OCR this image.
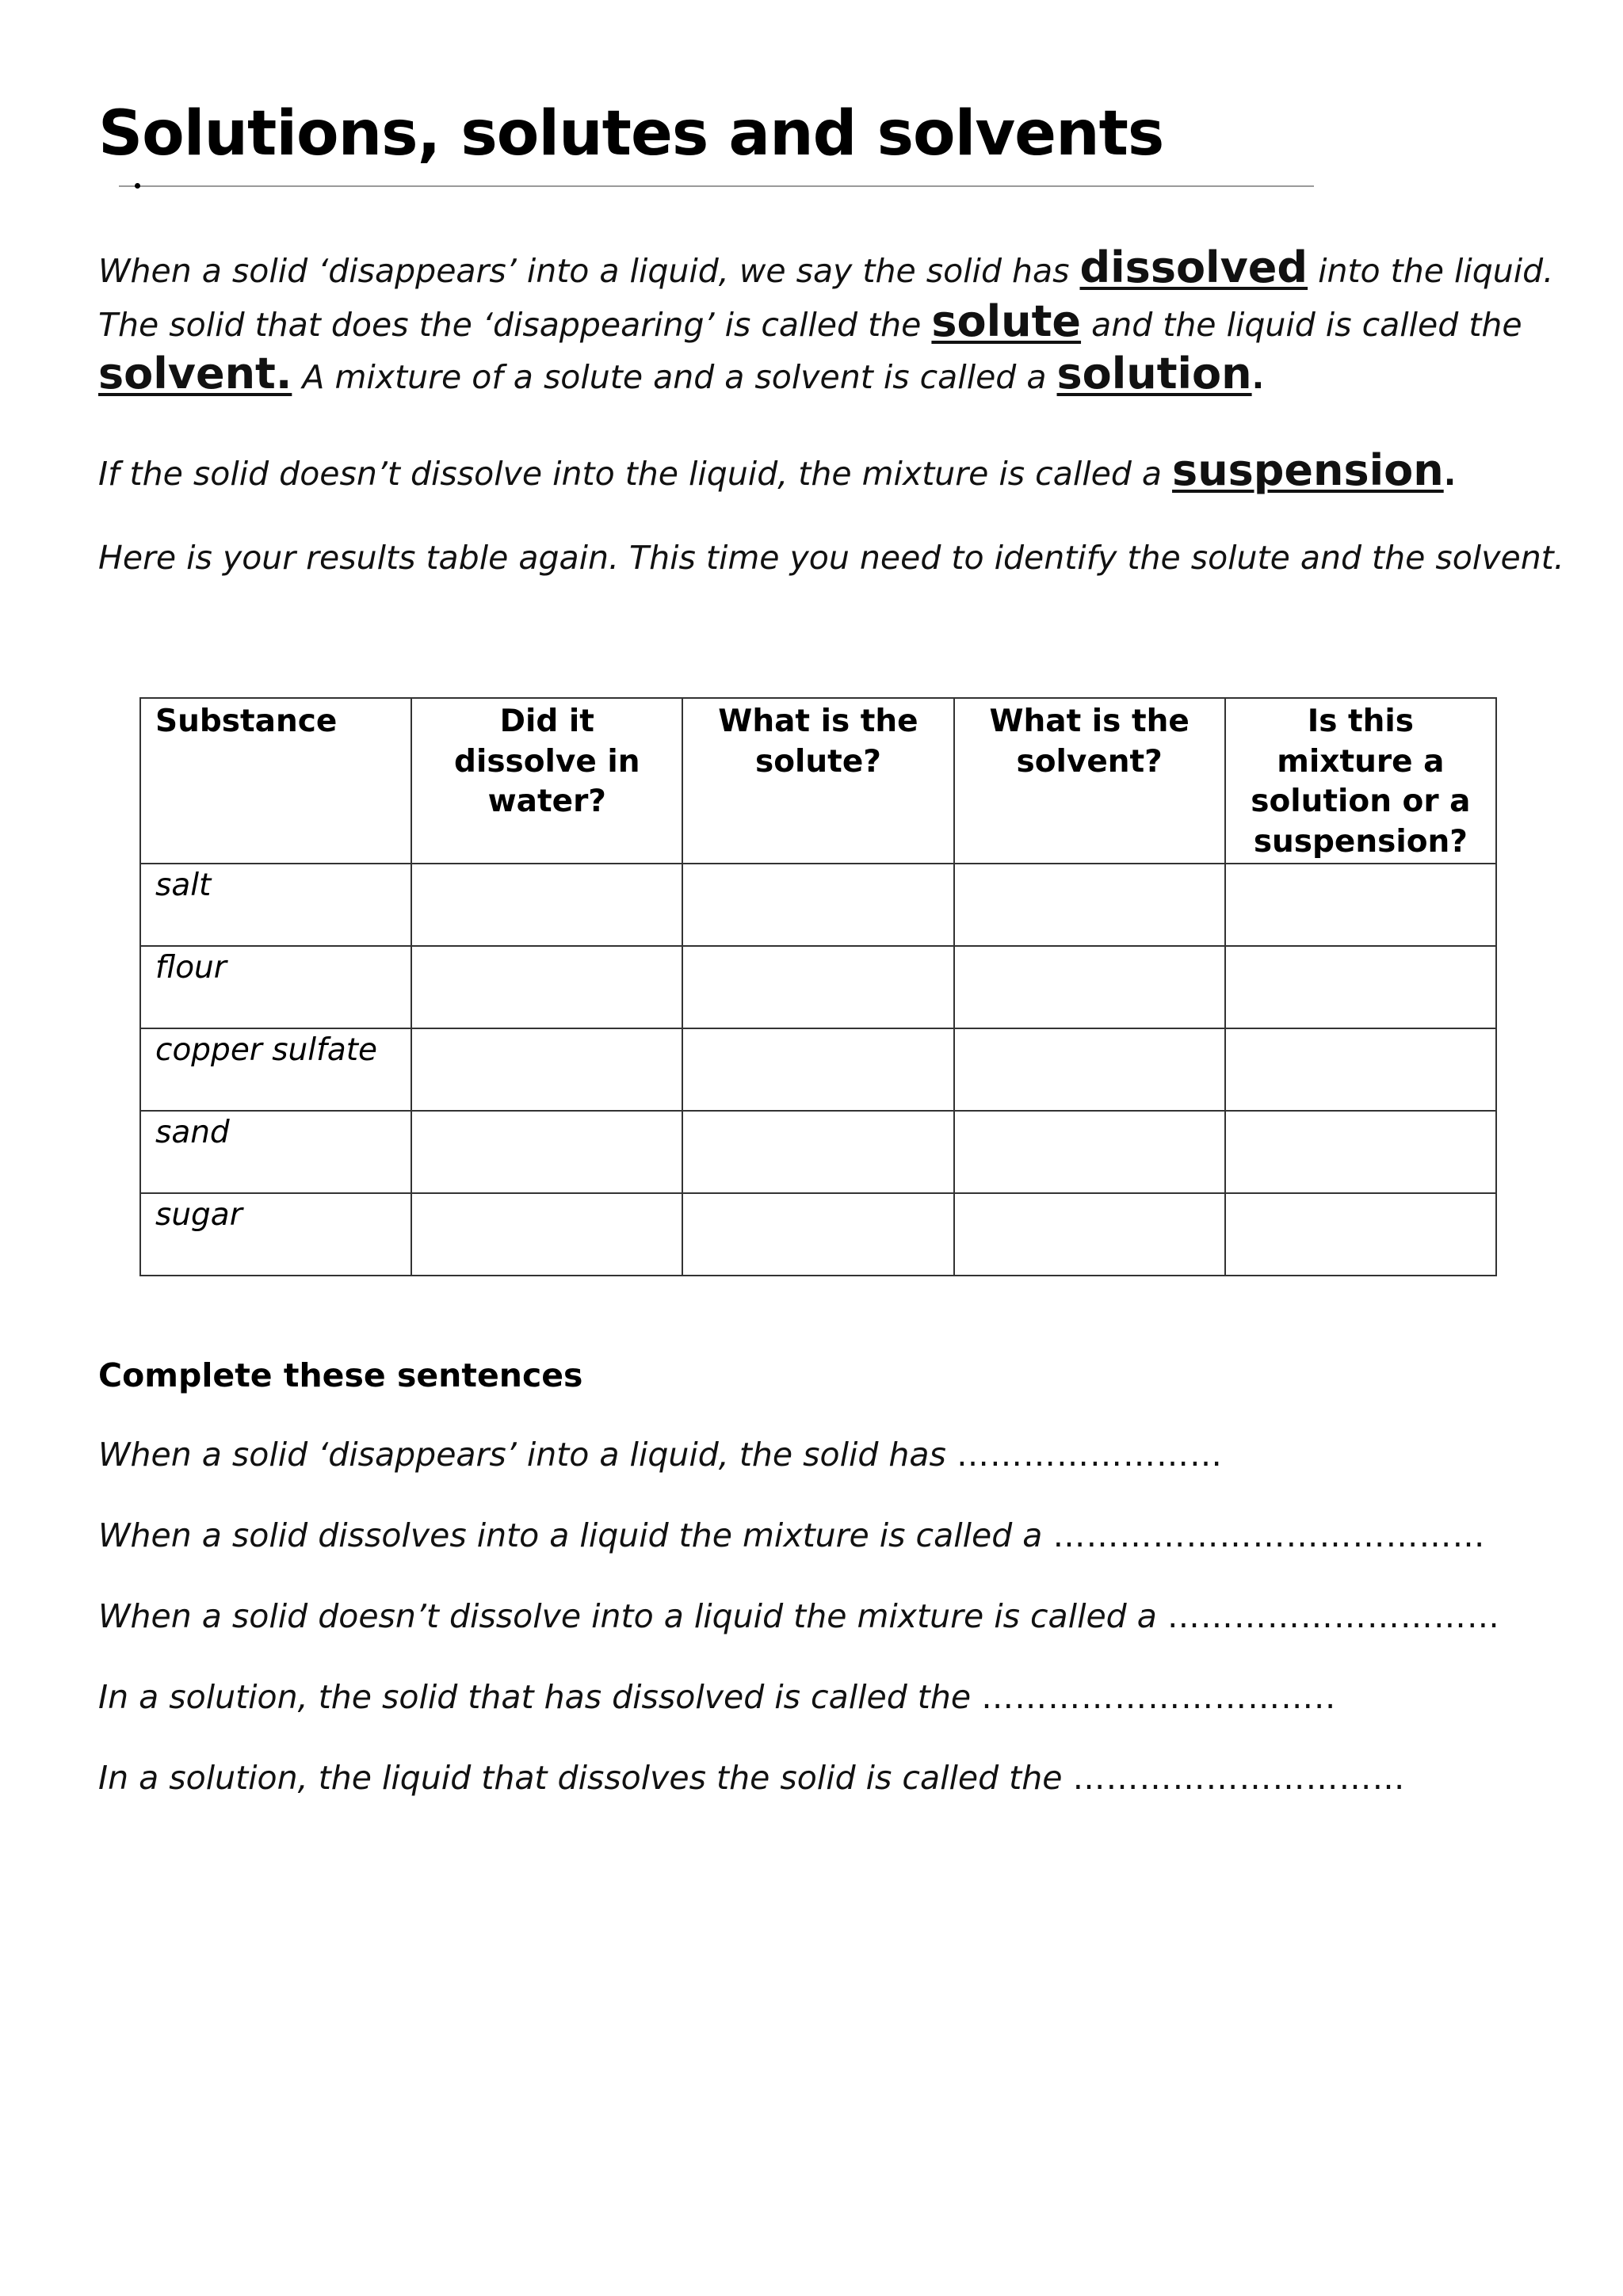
Solutions, solutes and solvents

When a solid ‘disappears’ into a liquid, we say the solid has dissolved into the liquid.

The solid that does the ‘disappearing’ is called the solute and the liquid is called the

solvent. A mixture of a solute and a solvent is called a solution.

If the solid doesn’t dissolve into the liquid, the mixture is called a suspension.

Here is your results table again. This time you need to identify the solute and the solvent.

Substance	Did it dissolve in water?	What is the solute?	What is the solvent?	Is this mixture a solution or a suspension?
salt				
flour				
copper sulfate				
sand				
sugar				
Complete these sentences

When a solid ‘disappears’ into a liquid, the solid has ……………………

When a solid dissolves into a liquid the mixture is called a …………………………………

When a solid doesn’t dissolve into a liquid the mixture is called a …………………………

In a solution, the solid that has dissolved is called the …………………………..

In a solution, the liquid that dissolves the solid is called the …………………………
